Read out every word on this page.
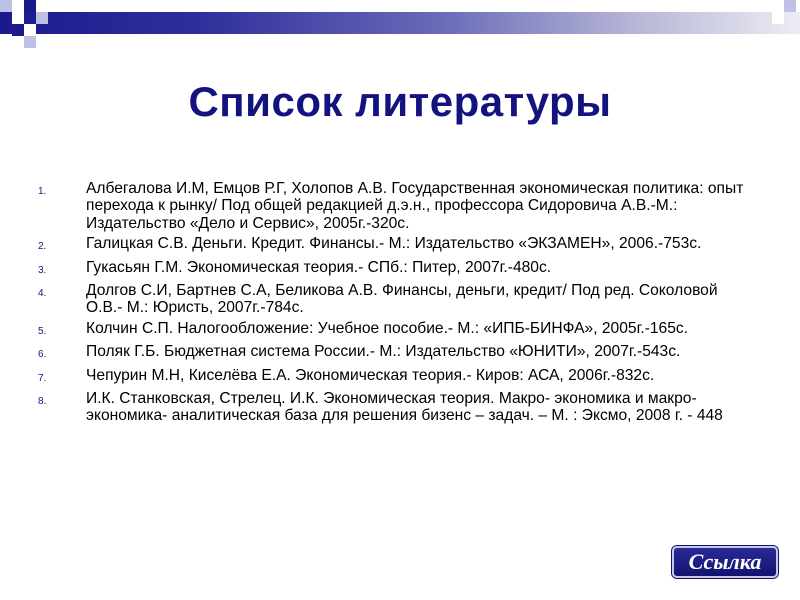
Список литературы
1.	Албегалова И.М, Емцов Р.Г, Холопов А.В. Государственная экономическая политика: опыт перехода к рынку/ Под общей редакцией д.э.н., профессора Сидоровича А.В.-М.: Издательство «Дело и Сервис», 2005г.-320с.
2.	Галицкая С.В. Деньги. Кредит. Финансы.- М.: Издательство «ЭКЗАМЕН», 2006.-753с.
3.	Гукасьян Г.М. Экономическая теория.- СПб.: Питер, 2007г.-480с.
4.	Долгов С.И, Бартнев С.А, Беликова А.В. Финансы, деньги, кредит/ Под ред. Соколовой О.В.- М.: Юристь, 2007г.-784с.
5.	Колчин С.П. Налогообложение: Учебное пособие.- М.: «ИПБ-БИНФА», 2005г.-165с.
6.	Поляк Г.Б. Бюджетная система России.- М.: Издательство «ЮНИТИ», 2007г.-543с.
7.	Чепурин М.Н, Киселёва Е.А. Экономическая теория.- Киров: АСА, 2006г.-832с.
8.	И.К. Станковская, Стрелец. И.К. Экономическая теория. Макро- экономика и макро- экономика- аналитическая база для решения бизенс – задач. – М. : Эксмо, 2008 г. - 448
Ссылка
